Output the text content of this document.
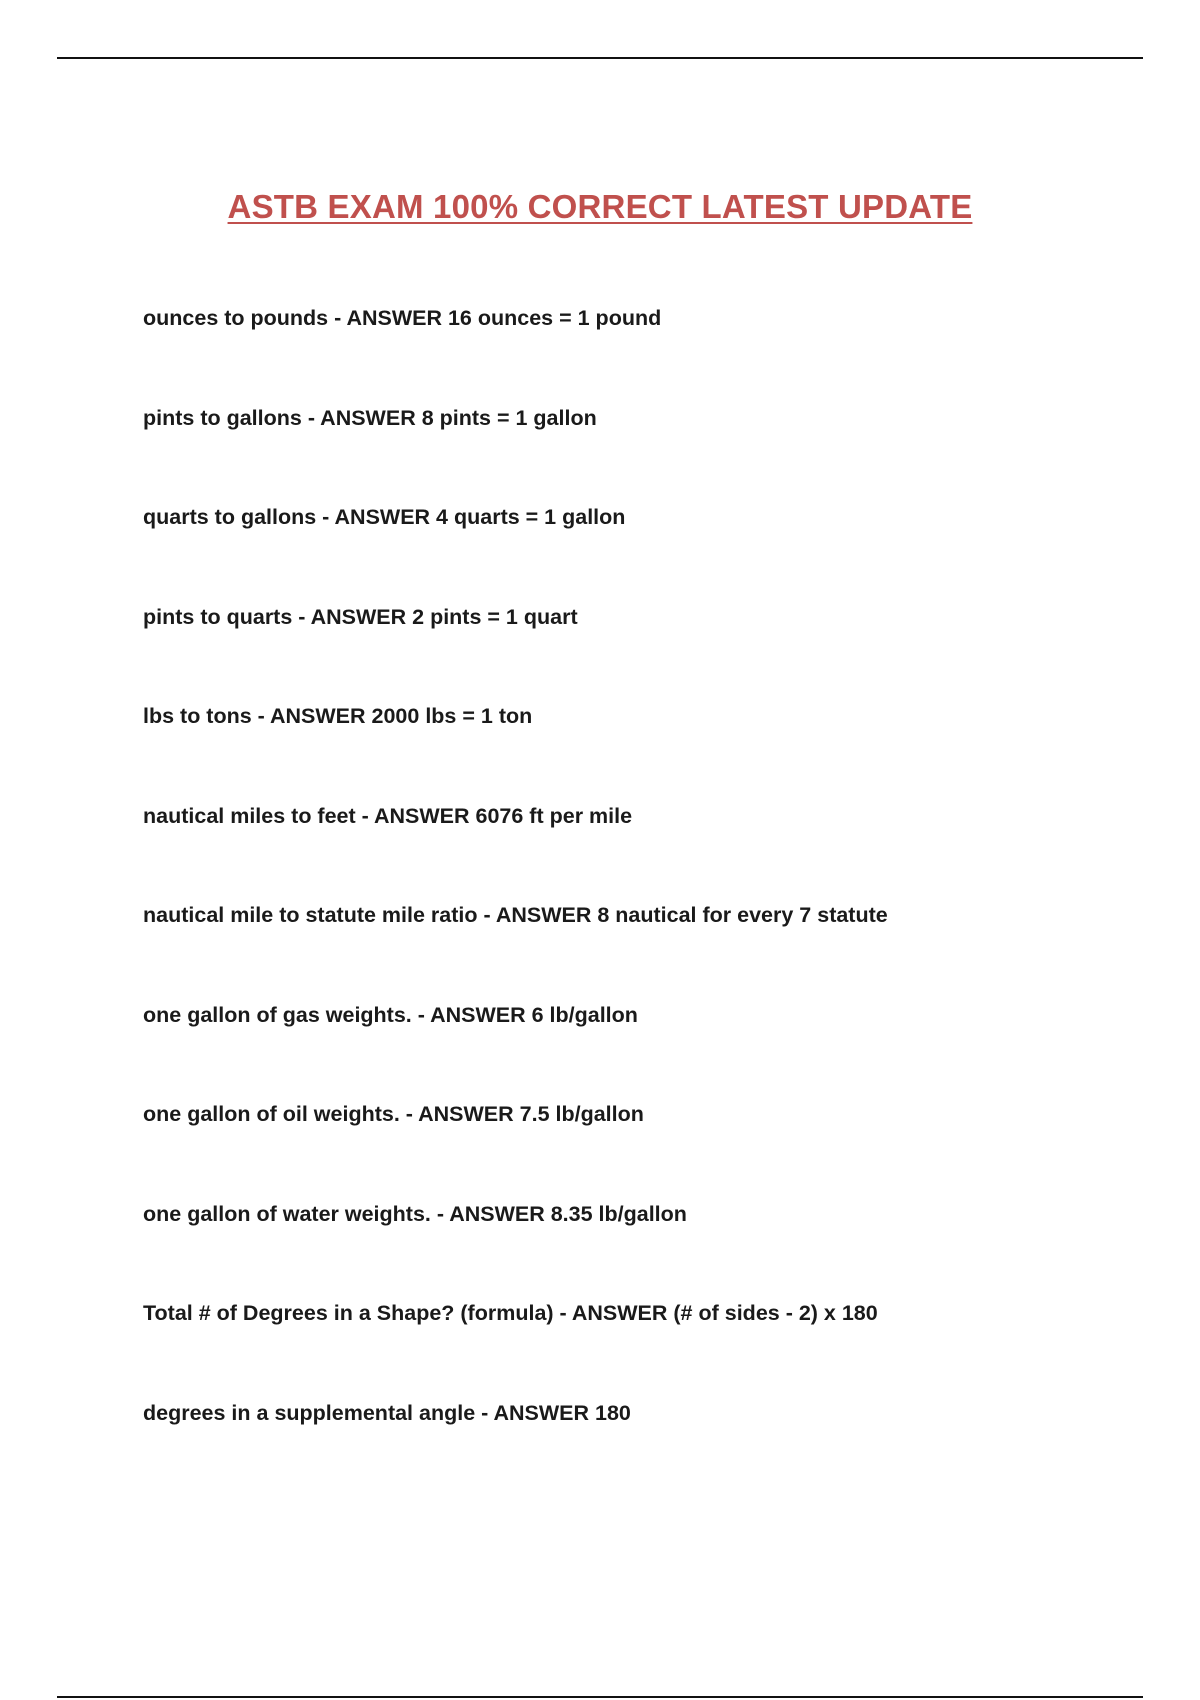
ASTB EXAM 100% CORRECT LATEST UPDATE
ounces to pounds - ANSWER 16 ounces = 1 pound
pints to gallons - ANSWER 8 pints = 1 gallon
quarts to gallons - ANSWER 4 quarts = 1 gallon
pints to quarts - ANSWER 2 pints = 1 quart
lbs to tons - ANSWER 2000 lbs = 1 ton
nautical miles to feet - ANSWER 6076 ft per mile
nautical mile to statute mile ratio - ANSWER 8 nautical for every 7 statute
one gallon of gas weights. - ANSWER 6 lb/gallon
one gallon of oil weights. - ANSWER 7.5 lb/gallon
one gallon of water weights. - ANSWER 8.35 lb/gallon
Total # of Degrees in a Shape? (formula) - ANSWER (# of sides - 2) x 180
degrees in a supplemental angle - ANSWER 180
